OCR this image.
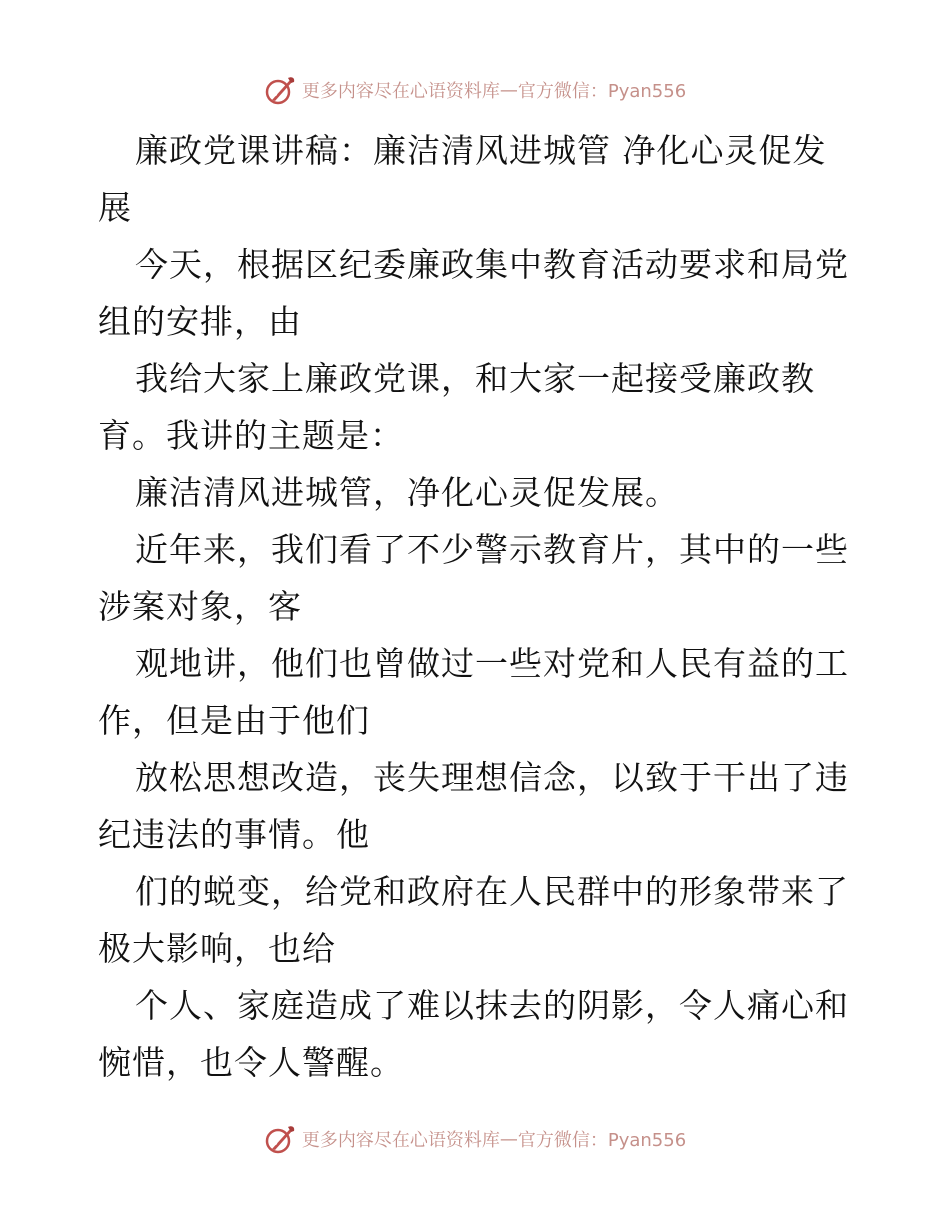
更多内容尽在心语资料库 — 官方微信：Pyan556

廉政党课讲稿：廉洁清风进城管 净化心灵促发展

今天，根据区纪委廉政集中教育活动要求和局党组的安排，由

我给大家上廉政党课，和大家一起接受廉政教育。我讲的主题是：

廉洁清风进城管，净化心灵促发展。

近年来，我们看了不少警示教育片，其中的一些涉案对象，客

观地讲，他们也曾做过一些对党和人民有益的工作，但是由于他们

放松思想改造，丧失理想信念，以致于干出了违纪违法的事情。他

们的蜕变，给党和政府在人民群中的形象带来了极大影响，也给

个人、家庭造成了难以抹去的阴影，令人痛心和惋惜，也令人警醒。

更多内容尽在心语资料库 — 官方微信：Pyan556
